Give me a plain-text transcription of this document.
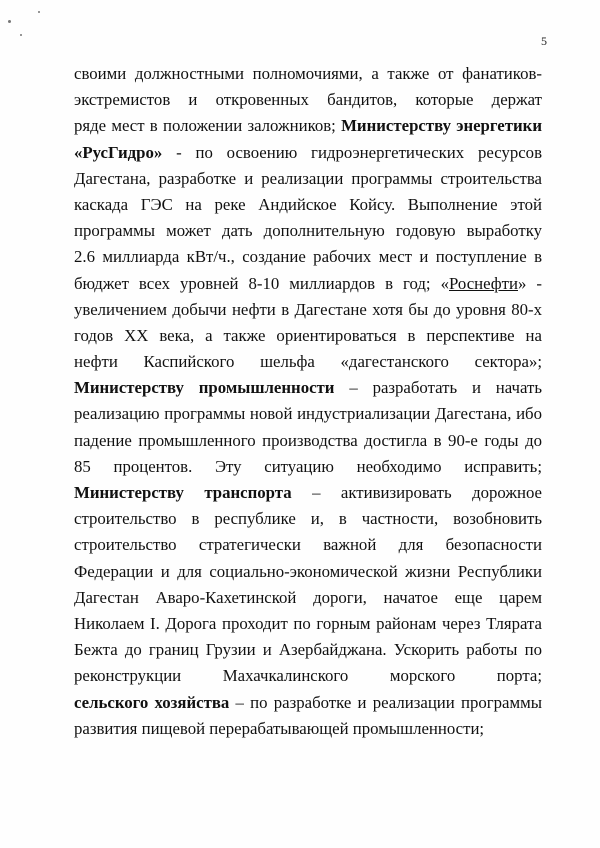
5
своими должностными полномочиями, а также от фанатиков-
экстремистов и откровенных бандитов, которые держат
ряде мест в положении заложников; Министерству энергетики
«РусГидро» - по освоению гидроэнергетических ресурсов
Дагестана, разработке и реализации программы строительства
каскада ГЭС на реке Андийское Койсу. Выполнение этой
программы может дать дополнительную годовую выработку
2.6 миллиарда кВт/ч., создание рабочих мест и поступление в
бюджет всех уровней 8-10 миллиардов в год; «Роснефти» -
увеличением добычи нефти в Дагестане хотя бы до уровня 80-х
годов XX века, а также ориентироваться в перспективе на
нефти Каспийского шельфа «дагестанского сектора»;
Министерству промышленности – разработать и начать
реализацию программы новой индустриализации Дагестана, ибо
падение промышленного производства достигла в 90-е годы до
85 процентов. Эту ситуацию необходимо исправить;
Министерству транспорта – активизировать дорожное
строительство в республике и, в частности, возобновить
строительство стратегически важной для безопасности
Федерации и для социально-экономической жизни Республики
Дагестан Аваро-Кахетинской дороги, начатое еще царем
Николаем I. Дорога проходит по горным районам через Тлярата
Бежта до границ Грузии и Азербайджана. Ускорить работы по
реконструкции Махачкалинского морского порта;
сельского хозяйства – по разработке и реализации программы
развития пищевой перерабатывающей промышленности;
